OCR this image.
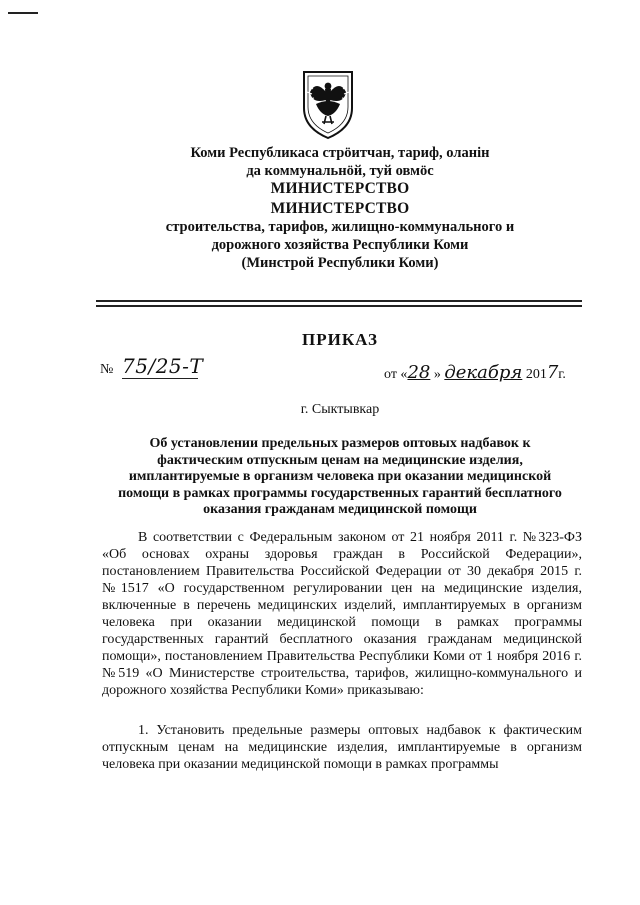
Коми Республикаса стрӧитчан, тариф, оланін
да коммунальнӧй, туй овмӧс
МИНИСТЕРСТВО
МИНИСТЕРСТВО
строительства, тарифов, жилищно-коммунального и
дорожного хозяйства Республики Коми
(Минстрой Республики Коми)
ПРИКАЗ
№ 75/25-Т	от «28 » декабря 2017г.
г. Сыктывкар
Об установлении предельных размеров оптовых надбавок к
фактическим отпускным ценам на медицинские изделия,
имплантируемые в организм человека при оказании медицинской
помощи в рамках программы государственных гарантий бесплатного
оказания гражданам медицинской помощи
В соответствии с Федеральным законом от 21 ноября 2011 г. №323-ФЗ «Об основах охраны здоровья граждан в Российской Федерации», постановлением Правительства Российской Федерации от 30 декабря 2015 г. №1517 «О государственном регулировании цен на медицинские изделия, включенные в перечень медицинских изделий, имплантируемых в организм человека при оказании медицинской помощи в рамках программы государственных гарантий бесплатного оказания гражданам медицинской помощи», постановлением Правительства Республики Коми от 1 ноября 2016 г. №519 «О Министерстве строительства, тарифов, жилищно-коммунального и дорожного хозяйства Республики Коми» приказываю:
1. Установить предельные размеры оптовых надбавок к фактическим отпускным ценам на медицинские изделия, имплантируемые в организм человека при оказании медицинской помощи в рамках программы
